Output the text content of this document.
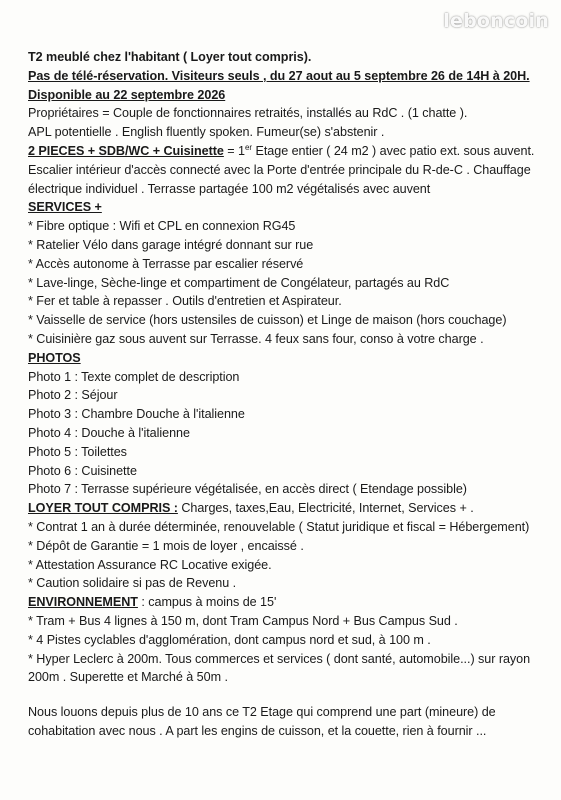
leboncoin
T2 meublé chez l'habitant ( Loyer tout compris).
Pas de télé-réservation. Visiteurs seuls , du 27 aout au 5 septembre 26 de 14H à 20H.
Disponible au 22 septembre 2026
Propriétaires = Couple de fonctionnaires retraités, installés au RdC . (1 chatte ).
APL potentielle . English fluently spoken. Fumeur(se) s'abstenir .
2 PIECES + SDB/WC + Cuisinette = 1er Etage entier ( 24 m2 ) avec patio ext. sous auvent.
Escalier intérieur d'accès connecté avec la Porte d'entrée principale du R-de-C . Chauffage
électrique individuel . Terrasse partagée 100 m2 végétalisés avec auvent
SERVICES +
* Fibre optique : Wifi et CPL en connexion RG45
* Ratelier Vélo dans garage intégré donnant sur rue
* Accès autonome à Terrasse par escalier réservé
* Lave-linge, Sèche-linge et compartiment de Congélateur, partagés au RdC
* Fer et table à repasser . Outils d'entretien et Aspirateur.
* Vaisselle de service (hors ustensiles de cuisson) et Linge de maison (hors couchage)
* Cuisinière gaz sous auvent sur Terrasse. 4 feux sans four, conso à votre charge .
PHOTOS
Photo 1 : Texte complet de description
Photo 2 : Séjour
Photo 3 : Chambre Douche à l'italienne
Photo 4 : Douche à l'italienne
Photo 5 : Toilettes
Photo 6 : Cuisinette
Photo 7 : Terrasse supérieure végétalisée, en accès direct ( Etendage possible)
LOYER TOUT COMPRIS : Charges, taxes,Eau, Electricité, Internet, Services + .
* Contrat 1 an à durée déterminée, renouvelable ( Statut juridique et fiscal = Hébergement)
* Dépôt de Garantie = 1 mois de loyer , encaissé .
* Attestation Assurance RC Locative exigée.
* Caution solidaire si pas de Revenu .
ENVIRONNEMENT : campus à moins de 15'
* Tram + Bus 4 lignes à 150 m, dont Tram Campus Nord + Bus Campus Sud .
* 4 Pistes cyclables d'agglomération, dont campus nord et sud, à 100 m .
* Hyper Leclerc à 200m. Tous commerces et services ( dont santé, automobile...) sur rayon
200m . Superette et Marché à 50m .
Nous louons depuis plus de 10 ans ce T2 Etage qui comprend une part (mineure) de
cohabitation avec nous . A part les engins de cuisson, et la couette, rien à fournir ...
